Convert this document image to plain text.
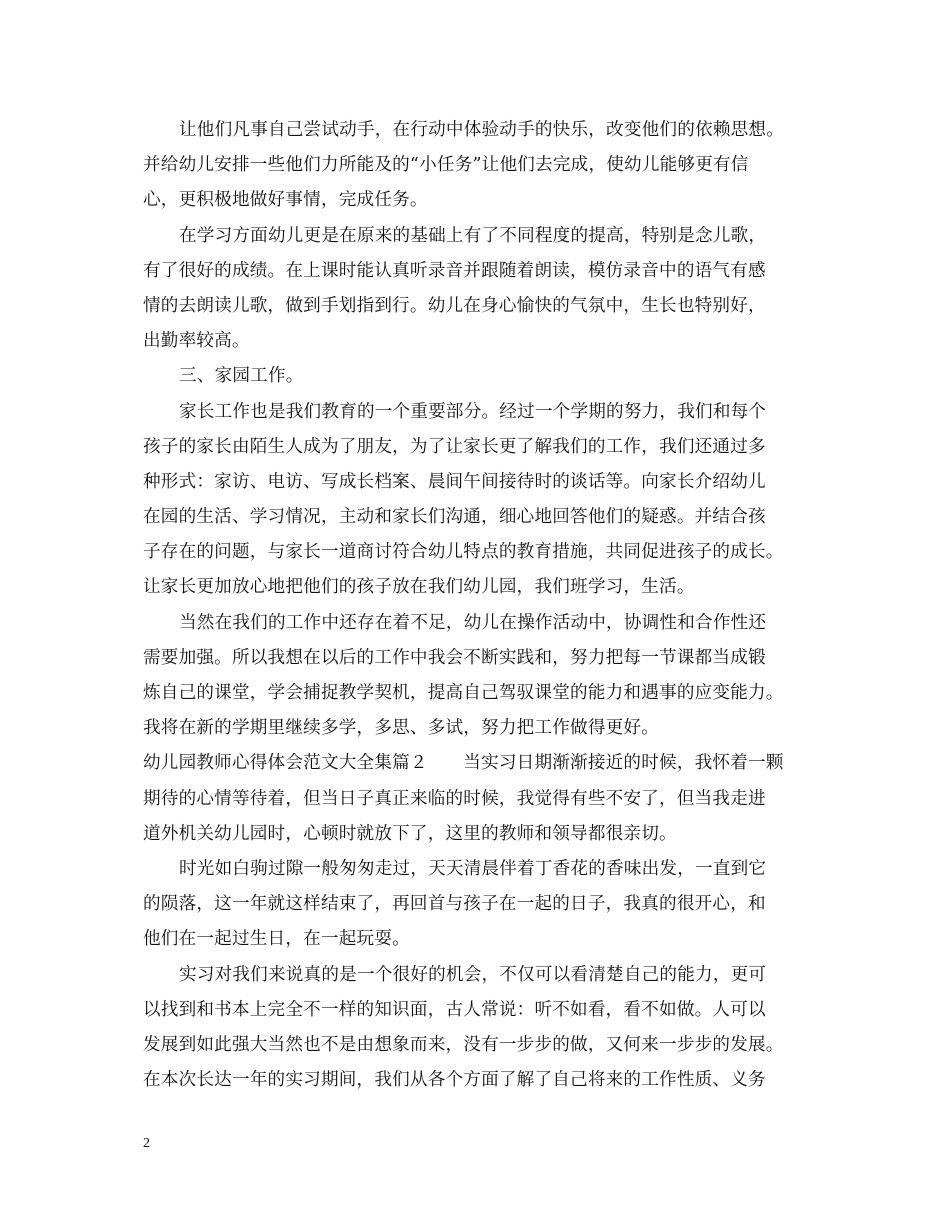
让他们凡事自己尝试动手，在行动中体验动手的快乐，改变他们的依赖思想。
并给幼儿安排一些他们力所能及的“小任务”让他们去完成，使幼儿能够更有信
心，更积极地做好事情，完成任务。
在学习方面幼儿更是在原来的基础上有了不同程度的提高，特别是念儿歌，
有了很好的成绩。在上课时能认真听录音并跟随着朗读，模仿录音中的语气有感
情的去朗读儿歌，做到手划指到行。幼儿在身心愉快的气氛中，生长也特别好，
出勤率较高。
三、家园工作。
家长工作也是我们教育的一个重要部分。经过一个学期的努力，我们和每个
孩子的家长由陌生人成为了朋友，为了让家长更了解我们的工作，我们还通过多
种形式：家访、电访、写成长档案、晨间午间接待时的谈话等。向家长介绍幼儿
在园的生活、学习情况，主动和家长们沟通，细心地回答他们的疑惑。并结合孩
子存在的问题，与家长一道商讨符合幼儿特点的教育措施，共同促进孩子的成长。
让家长更加放心地把他们的孩子放在我们幼儿园，我们班学习，生活。
当然在我们的工作中还存在着不足，幼儿在操作活动中，协调性和合作性还
需要加强。所以我想在以后的工作中我会不断实践和，努力把每一节课都当成锻
炼自己的课堂，学会捕捉教学契机，提高自己驾驭课堂的能力和遇事的应变能力。
我将在新的学期里继续多学，多思、多试，努力把工作做得更好。
幼儿园教师心得体会范文大全集篇２　　当实习日期渐渐接近的时候，我怀着一颗
期待的心情等待着，但当日子真正来临的时候，我觉得有些不安了，但当我走进
道外机关幼儿园时，心顿时就放下了，这里的教师和领导都很亲切。
时光如白驹过隙一般匆匆走过，天天清晨伴着丁香花的香味出发，一直到它
的陨落，这一年就这样结束了，再回首与孩子在一起的日子，我真的很开心，和
他们在一起过生日，在一起玩耍。
实习对我们来说真的是一个很好的机会，不仅可以看清楚自己的能力，更可
以找到和书本上完全不一样的知识面，古人常说：听不如看，看不如做。人可以
发展到如此强大当然也不是由想象而来，没有一步步的做，又何来一步步的发展。
在本次长达一年的实习期间，我们从各个方面了解了自己将来的工作性质、义务
2
